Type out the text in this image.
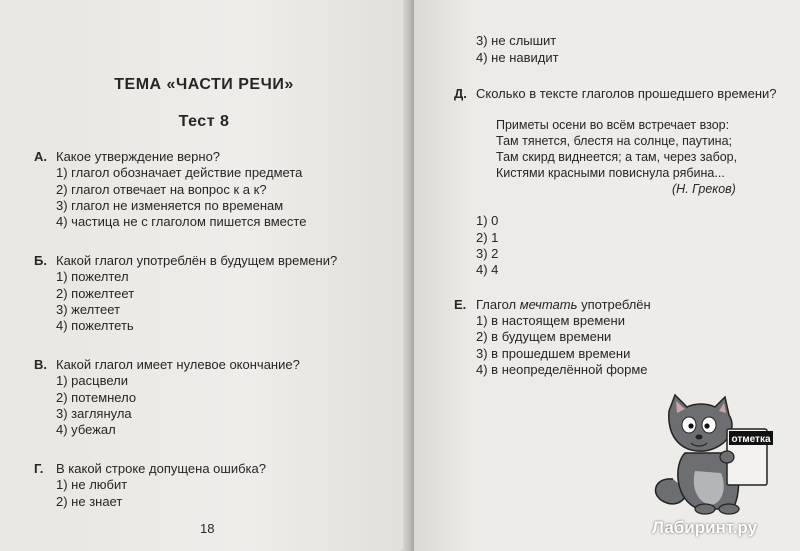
ТЕМА «ЧАСТИ РЕЧИ»
Тест 8
А. Какое утверждение верно?
1) глагол обозначает действие предмета
2) глагол отвечает на вопрос к а к?
3) глагол не изменяется по временам
4) частица не с глаголом пишется вместе
Б. Какой глагол употреблён в будущем времени?
1) пожелтел
2) пожелтеет
3) желтеет
4) пожелтеть
В. Какой глагол имеет нулевое окончание?
1) расцвели
2) потемнело
3) заглянула
4) убежал
Г. В какой строке допущена ошибка?
1) не любит
2) не знает
18
3) не слышит
4) не навидит
Д. Сколько в тексте глаголов прошедшего времени?
Приметы осени во всём встречает взор:
Там тянется, блестя на солнце, паутина;
Там скирд виднеется; а там, через забор,
Кистями красными повиснула рябина...
(Н. Греков)
1) 0
2) 1
3) 2
4) 4
Е. Глагол мечтать употреблён
1) в настоящем времени
2) в будущем времени
3) в прошедшем времени
4) в неопределённой форме
отметка
Лабиринт.ру
